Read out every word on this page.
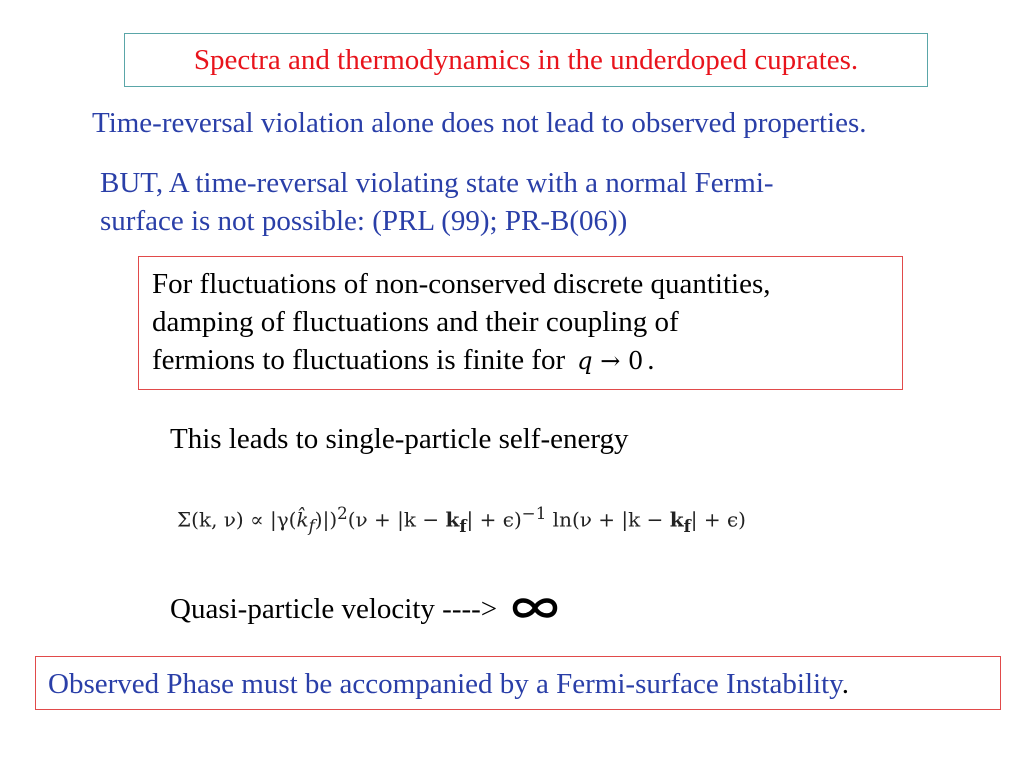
Spectra and thermodynamics in the underdoped cuprates.
Time-reversal violation alone does not lead to observed properties.
BUT, A time-reversal violating state with a normal Fermi-
surface is not possible: (PRL (99); PR-B(06))
For fluctuations of non-conserved discrete quantities,
damping of fluctuations and their coupling of
fermions to fluctuations is finite for q → 0 .
This leads to single-particle self-energy
Σ(k, $\nu) \propto |\gamma(k̂_f)|)^2(\nu + |k - k_f| + \epsilon)^{-1}$ $\ln(\nu + |k - k_f| + \epsilon)$
Quasi-particle velocity ---->
Observed Phase must be accompanied by a Fermi-surface Instability.
